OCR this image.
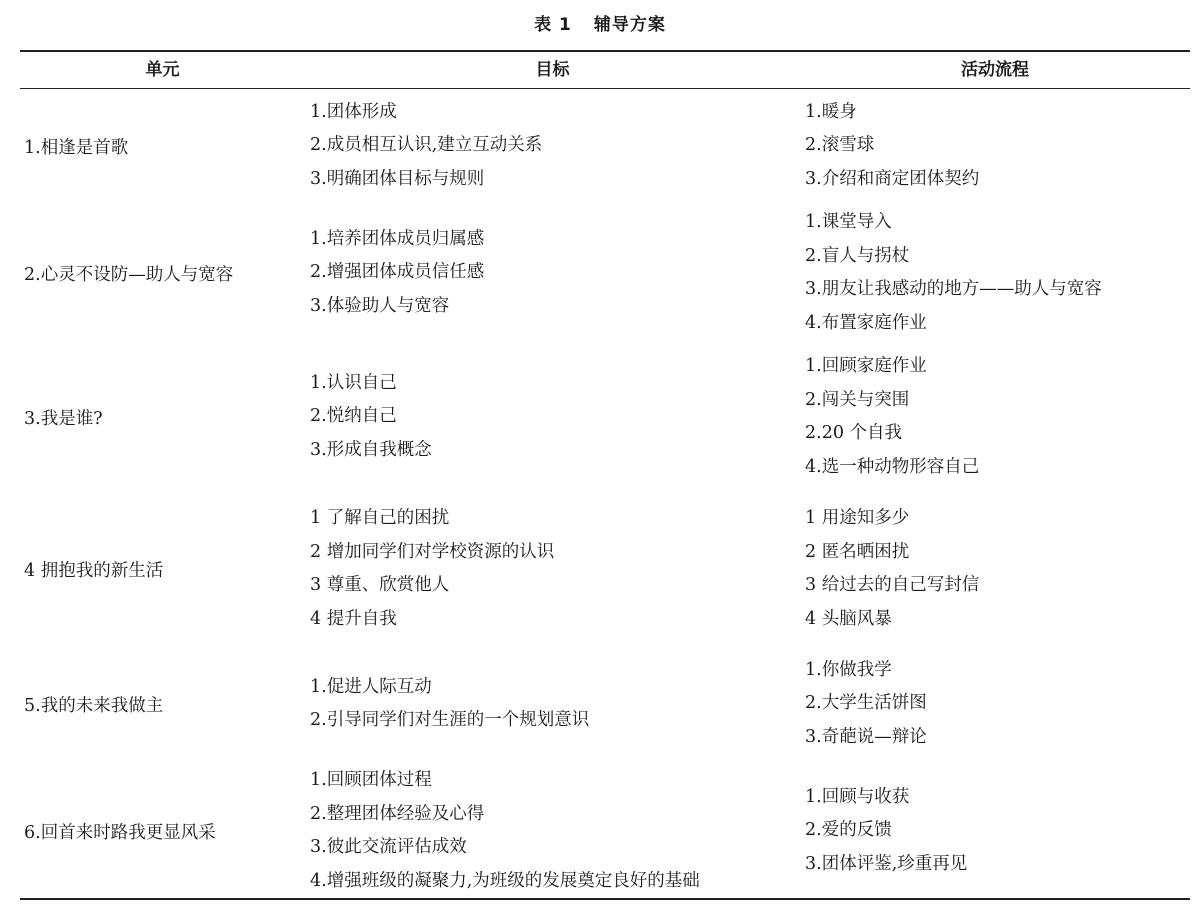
表 1 辅导方案
单元	目标	活动流程
1.相逢是首歌
1.团体形成
2.成员相互认识,建立互动关系
3.明确团体目标与规则
1.暖身
2.滚雪球
3.介绍和商定团体契约
2.心灵不设防—助人与宽容
1.培养团体成员归属感
2.增强团体成员信任感
3.体验助人与宽容
1.课堂导入
2.盲人与拐杖
3.朋友让我感动的地方——助人与宽容
4.布置家庭作业
3.我是谁?
1.认识自己
2.悦纳自己
3.形成自我概念
1.回顾家庭作业
2.闯关与突围
2.20 个自我
4.选一种动物形容自己
4 拥抱我的新生活
1 了解自己的困扰
2 增加同学们对学校资源的认识
3 尊重、欣赏他人
4 提升自我
1 用途知多少
2 匿名晒困扰
3 给过去的自己写封信
4 头脑风暴
5.我的未来我做主
1.促进人际互动
2.引导同学们对生涯的一个规划意识
1.你做我学
2.大学生活饼图
3.奇葩说—辩论
6.回首来时路我更显风采
1.回顾团体过程
2.整理团体经验及心得
3.彼此交流评估成效
4.增强班级的凝聚力,为班级的发展奠定良好的基础
1.回顾与收获
2.爱的反馈
3.团体评鉴,珍重再见
